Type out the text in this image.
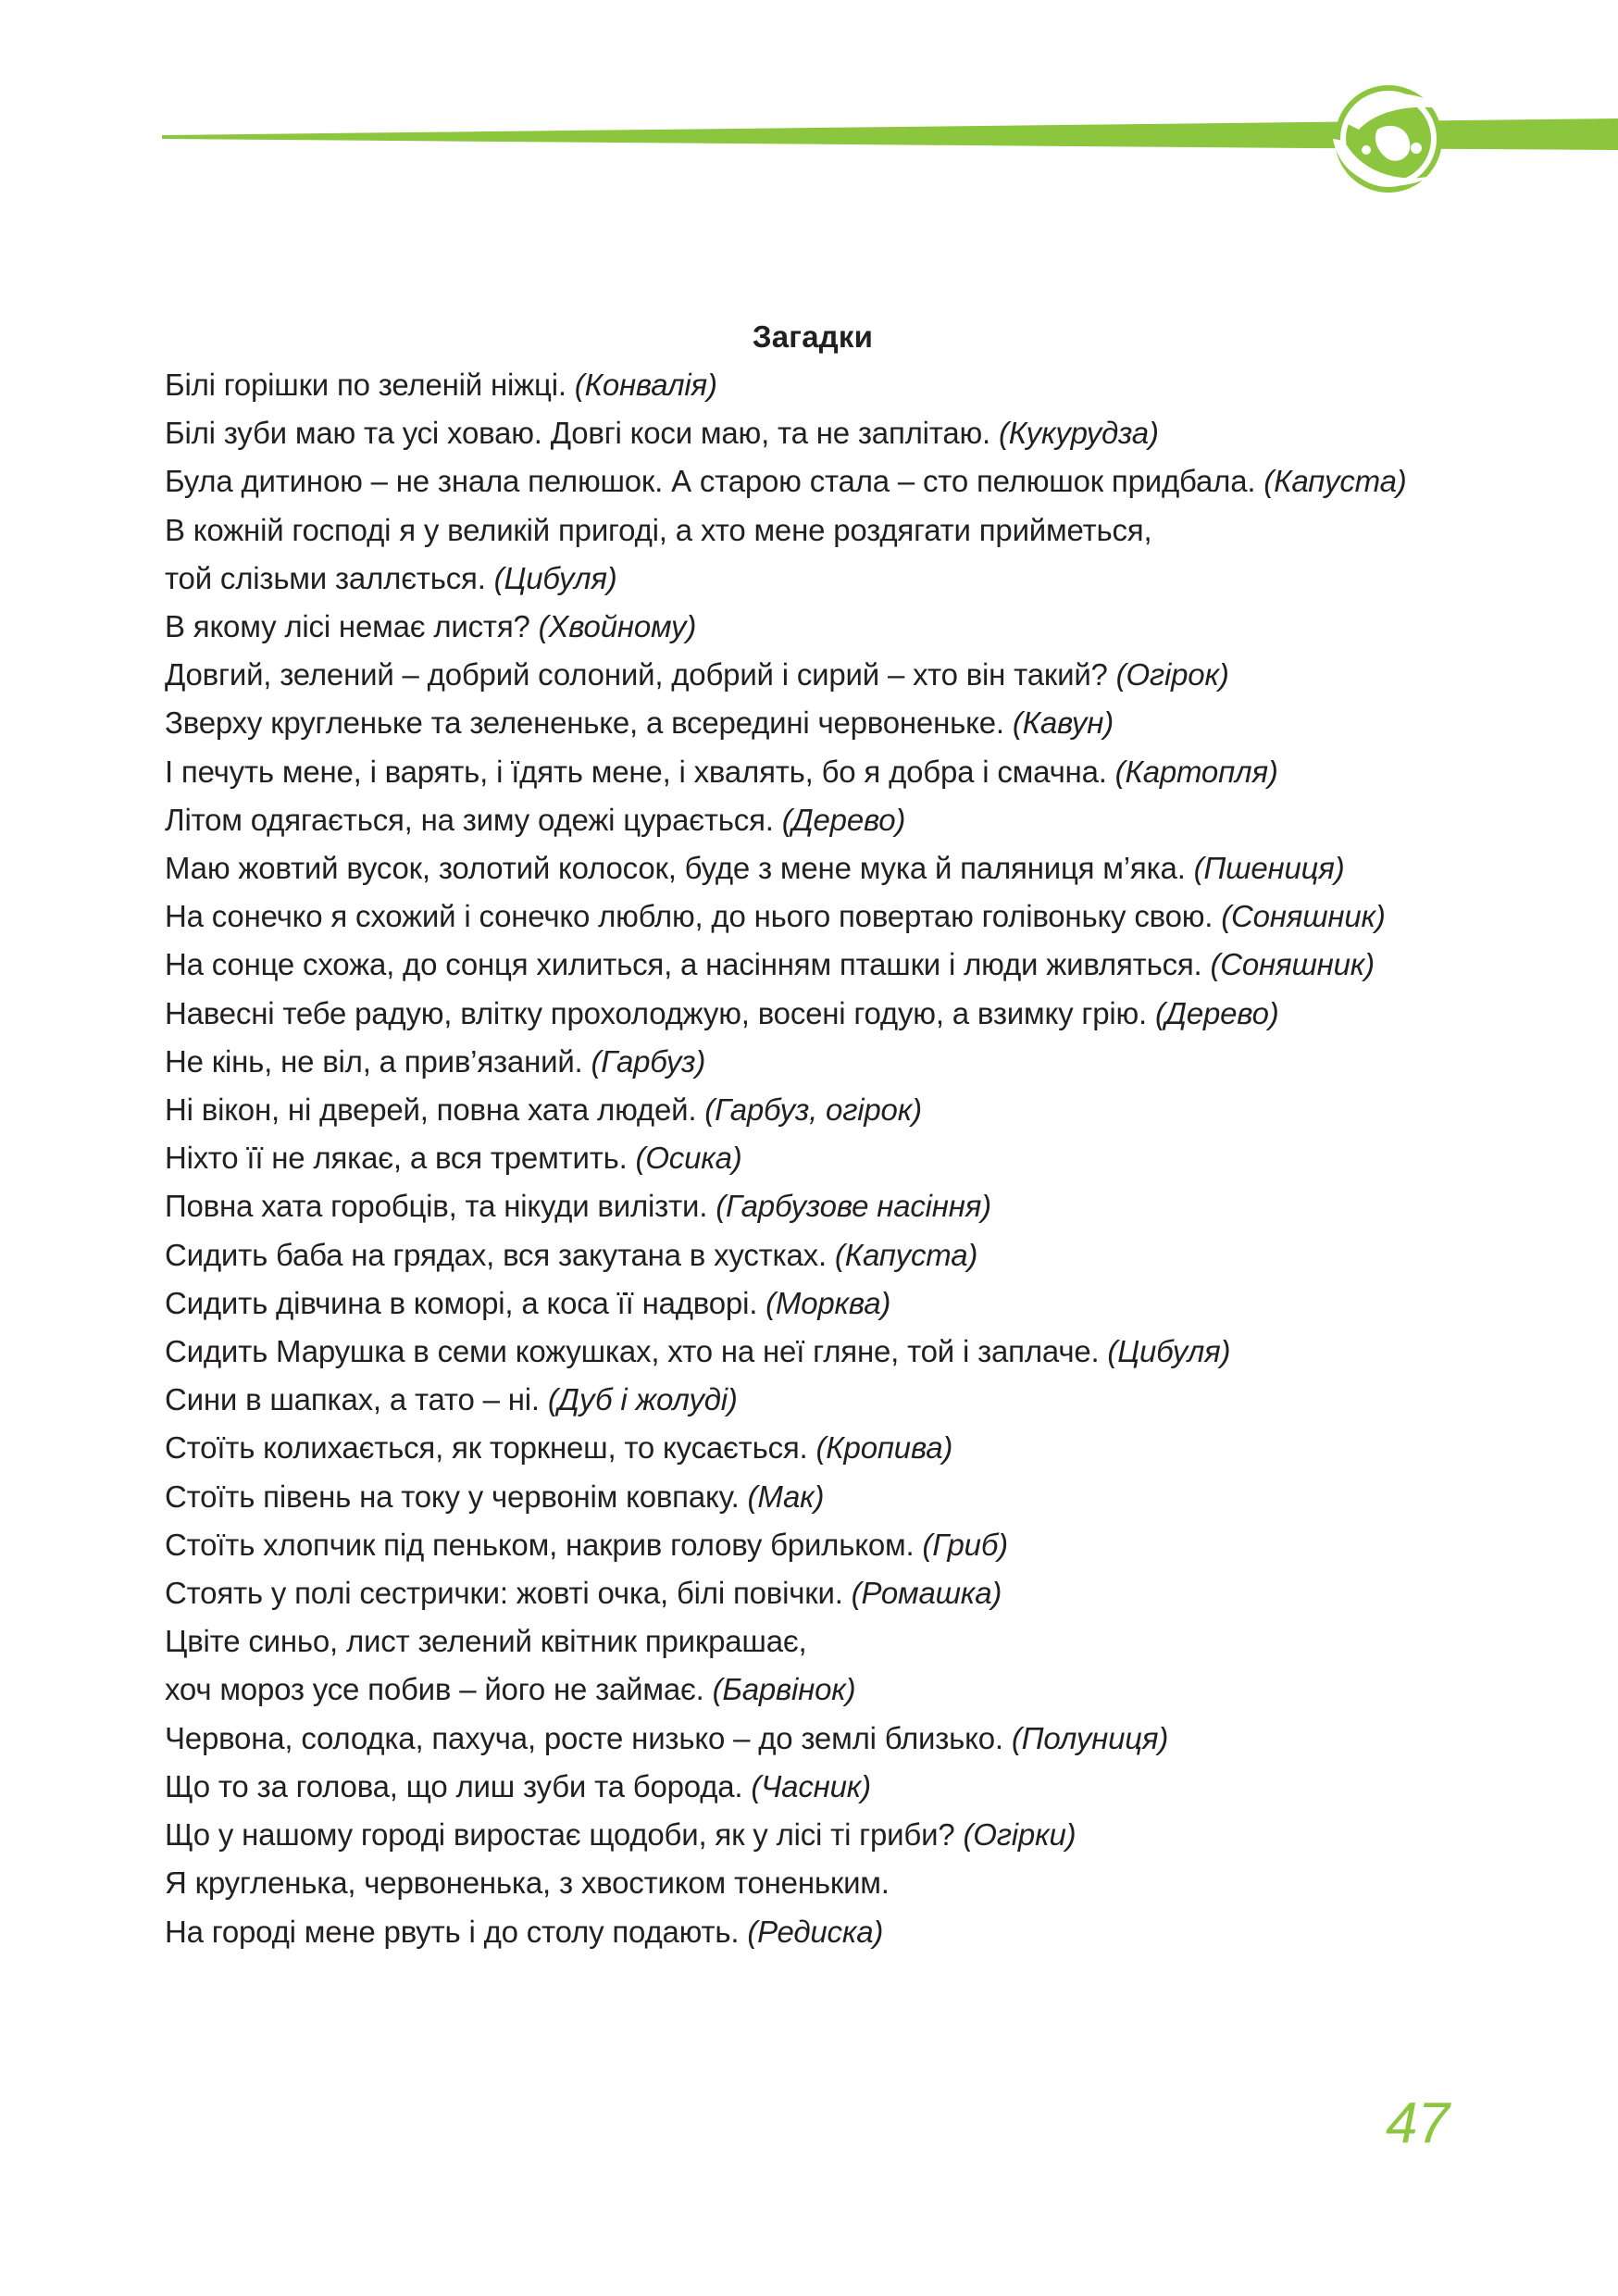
Загадки
Білі горішки по зеленій ніжці. (Конвалія)
Білі зуби маю та усі ховаю. Довгі коси маю, та не заплітаю. (Кукурудза)
Була дитиною – не знала пелюшок. А старою стала – сто пелюшок придбала. (Капуста)
В кожній господі я у великій пригоді, а хто мене роздягати прийметься,
той слізьми заллється. (Цибуля)
В якому лісі немає листя? (Хвойному)
Довгий, зелений – добрий солоний, добрий і сирий – хто він такий? (Огірок)
Зверху кругленьке та зелененьке, а всередині червоненьке. (Кавун)
І печуть мене, і варять, і їдять мене, і хвалять, бо я добра і смачна. (Картопля)
Літом одягається, на зиму одежі цурається. (Дерево)
Маю жовтий вусок, золотий колосок, буде з мене мука й паляниця м’яка. (Пшениця)
На сонечко я схожий і сонечко люблю, до нього повертаю голівоньку свою. (Соняшник)
На сонце схожа, до сонця хилиться, а насінням пташки і люди живляться. (Соняшник)
Навесні тебе радую, влітку прохолоджую, восені годую, а взимку грію. (Дерево)
Не кінь, не віл, а прив’язаний. (Гарбуз)
Ні вікон, ні дверей, повна хата людей. (Гарбуз, огірок)
Ніхто її не лякає, а вся тремтить. (Осика)
Повна хата горобців, та нікуди вилізти. (Гарбузове насіння)
Сидить баба на грядах, вся закутана в хустках. (Капуста)
Сидить дівчина в коморі, а коса її надворі. (Морква)
Сидить Марушка в семи кожушках, хто на неї гляне, той і заплаче. (Цибуля)
Сини в шапках, а тато – ні. (Дуб і жолуді)
Стоїть колихається, як торкнеш, то кусається. (Кропива)
Стоїть півень на току у червонім ковпаку. (Мак)
Стоїть хлопчик під пеньком, накрив голову брильком. (Гриб)
Стоять у полі сестрички: жовті очка, білі повічки. (Ромашка)
Цвіте синьо, лист зелений квітник прикрашає,
хоч мороз усе побив – його не займає. (Барвінок)
Червона, солодка, пахуча, росте низько – до землі близько. (Полуниця)
Що то за голова, що лиш зуби та борода. (Часник)
Що у нашому городі виростає щодоби, як у лісі ті гриби? (Огірки)
Я кругленька, червоненька, з хвостиком тоненьким.
На городі мене рвуть і до столу подають. (Редиска)
47
